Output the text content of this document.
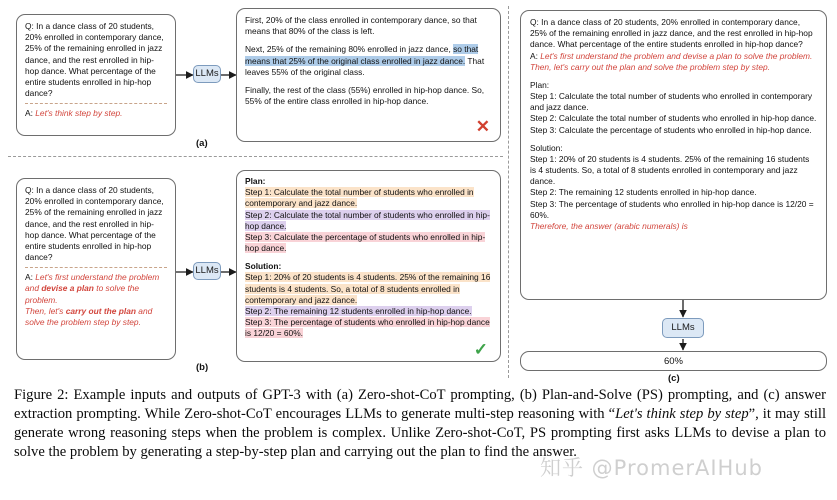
Q: In a dance class of 20 students, 20% enrolled in contemporary dance, 25% of the remaining enrolled in jazz dance, and the rest enrolled in hip-hop dance. What percentage of the entire students enrolled in hip-hop dance?

A: Let's think step by step.

LLMs

First, 20% of the class enrolled in contemporary dance, so that means that 80% of the class is left.

Next, 25% of the remaining 80% enrolled in jazz dance, so that means that 25% of the original class enrolled in jazz dance. That leaves 55% of the original class.

Finally, the rest of the class (55%) enrolled in hip-hop dance. So, 55% of the entire class enrolled in hip-hop dance.

✕
(a)

Q: In a dance class of 20 students, 20% enrolled in contemporary dance, 25% of the remaining enrolled in jazz dance, and the rest enrolled in hip-hop dance. What percentage of the entire students enrolled in hip-hop dance?

A: Let's first understand the problem and devise a plan to solve the problem.

Then, let's carry out the plan and solve the problem step by step.

LLMs

Plan:

Step 1: Calculate the total number of students who enrolled in contemporary and jazz dance.

Step 2: Calculate the total number of students who enrolled in hip-hop dance.

Step 3: Calculate the percentage of students who enrolled in hip-hop dance.

Solution:

Step 1: 20% of 20 students is 4 students. 25% of the remaining 16 students is 4 students. So, a total of 8 students enrolled in contemporary and jazz dance.

Step 2: The remaining 12 students enrolled in hip-hop dance.

Step 3: The percentage of students who enrolled in hip-hop dance is 12/20 = 60%.

✓
(b)

Q: In a dance class of 20 students, 20% enrolled in contemporary dance, 25% of the remaining enrolled in jazz dance, and the rest enrolled in hip-hop dance. What percentage of the entire students enrolled in hip-hop dance?

A: Let's first understand the problem and devise a plan to solve the problem.

Then, let's carry out the plan and solve the problem step by step.

Plan:

Step 1: Calculate the total number of students who enrolled in contemporary and jazz dance.

Step 2: Calculate the total number of students who enrolled in hip-hop dance.

Step 3: Calculate the percentage of students who enrolled in hip-hop dance.

Solution:

Step 1: 20% of 20 students is 4 students. 25% of the remaining 16 students is 4 students. So, a total of 8 students enrolled in contemporary and jazz dance.

Step 2: The remaining 12 students enrolled in hip-hop dance.

Step 3: The percentage of students who enrolled in hip-hop dance is 12/20 = 60%.

Therefore, the answer (arabic numerals) is

LLMs
60%
(c)
Figure 2: Example inputs and outputs of GPT-3 with (a) Zero-shot-CoT prompting, (b) Plan-and-Solve (PS) prompting, and (c) answer extraction prompting. While Zero-shot-CoT encourages LLMs to generate multi-step reasoning with “Let's think step by step”, it may still generate wrong reasoning steps when the problem is complex. Unlike Zero-shot-CoT, PS prompting first asks LLMs to devise a plan to solve the problem by generating a step-by-step plan and carrying out the plan to find the answer.
知乎 @PromerAIHub
